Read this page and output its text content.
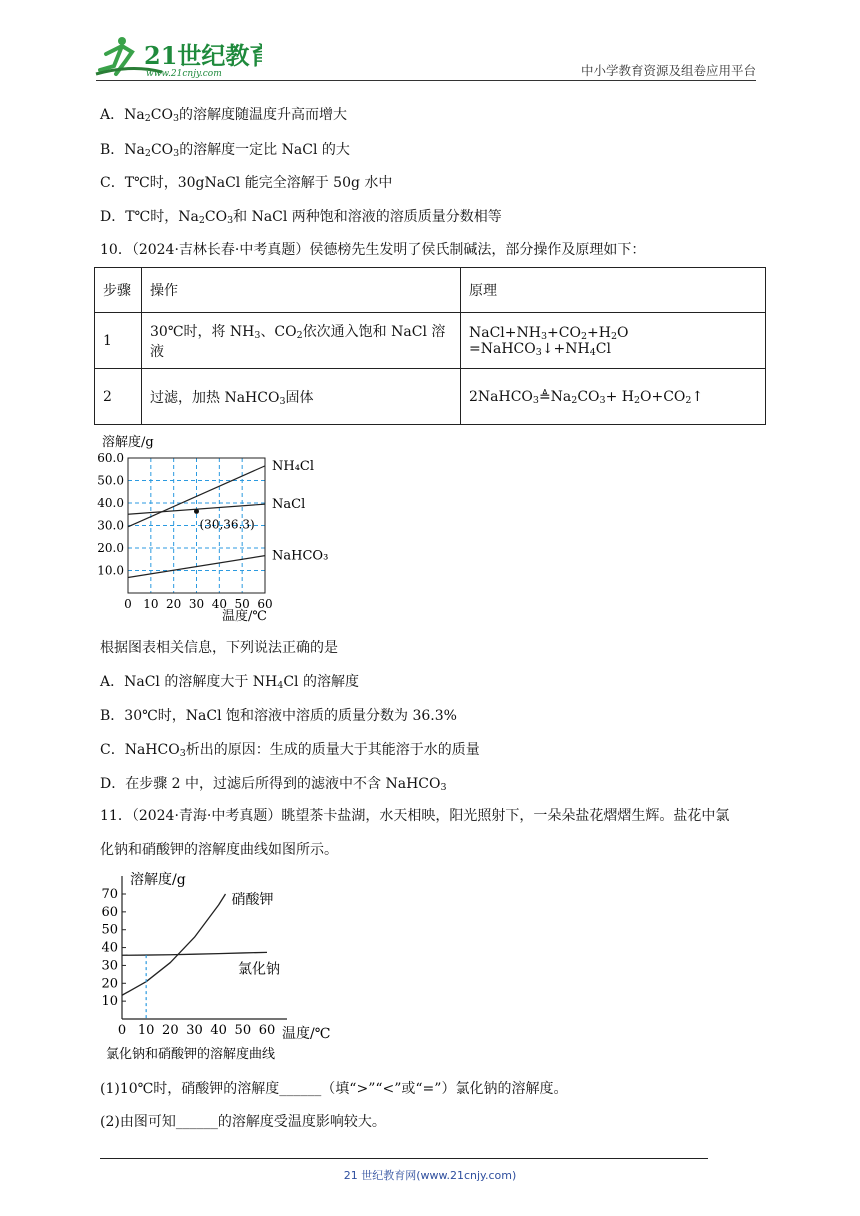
21世纪教育
www.21cnjy.com	中小学教育资源及组卷应用平台
A．$Na_2CO_3$的溶解度随温度升高而增大
B．$Na_2CO_3$的溶解度一定比 NaCl 的大
C．T℃时，30gNaCl 能完全溶解于 50g 水中
D．T℃时，$Na_2CO_3$和 NaCl 两种饱和溶液的溶质质量分数相等
10．（2024·吉林长春·中考真题）侯德榜先生发明了侯氏制碱法，部分操作及原理如下：
步骤	操作	原理
1	30℃时，将 $NH_3$、$CO_2$依次通入饱和 NaCl 溶液	$NaCl+NH_3+CO_2+H_2O$ $=NaHCO_3↓+NH_4Cl$
2	过滤，加热 NaHCO$_3$固体	$2NaHCO_3≜Na_2CO_3+$ $H_2O+CO_2↑$
溶解度/g
温度/℃
60.0
50.0
40.0
30.0
20.0
10.0
0 10 20 30 40 50 60
(30,36.3)
NH₄Cl
NaCl
NaHCO₃
根据图表相关信息，下列说法正确的是
A．NaCl 的溶解度大于 $NH_4Cl$ 的溶解度
B．30℃时，NaCl 饱和溶液中溶质的质量分数为 36.3%
C．NaHCO$_3$析出的原因：生成的质量大于其能溶于水的质量
D．在步骤 2 中，过滤后所得到的滤液中不含 NaHCO$_3$
11．（2024·青海·中考真题）眺望茶卡盐湖，水天相映，阳光照射下，一朵朵盐花熠熠生辉。盐花中氯
化钠和硝酸钾的溶解度曲线如图所示。
溶解度/g
温度/℃
氯化钠和硝酸钾的溶解度曲线
70
60
50
40
30
20
10
0 10 20 30 40 50 60
硝酸钾
氯化钠
(1)10℃时，硝酸钾的溶解度______（填“>”“<”或“=”）氯化钠的溶解度。
(2)由图可知______的溶解度受温度影响较大。
21 世纪教育网(www.21cnjy.com)
